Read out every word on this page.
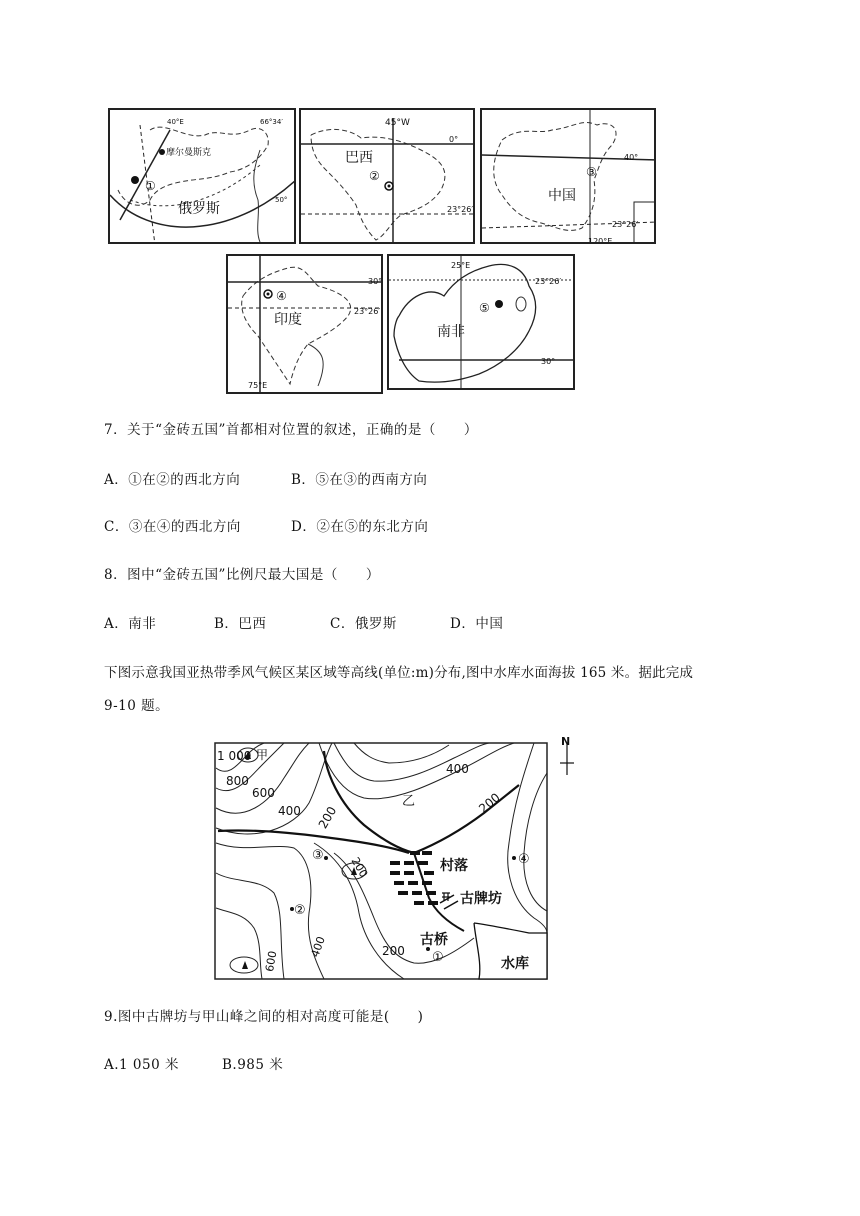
40°E	66°34′
摩尔曼斯克
①
俄罗斯
50°
45°W
0°
23°26′
巴西
②
40°
③
中国
23°26′
120°E
30°
④
23°26′
印度
75°E
25°E
23°26′
⑤
南非
30°
7．关于“金砖五国”首都相对位置的叙述，正确的是（　　）
A．①在②的西北方向	B．⑤在③的西南方向
C．③在④的西北方向	D．②在⑤的东北方向
8．图中“金砖五国”比例尺最大国是（　　）
A．南非	B．巴西	C．俄罗斯	D．中国
下图示意我国亚热带季风气候区某区域等高线(单位:m)分布,图中水库水面海拔 165 米。据此完成
9-10 题。
N
1 000 甲
800
600
400 200
400
200
200
400
600	200
乙
村落
古牌坊
古桥
水库
③
②
①
④
9.图中古牌坊与甲山峰之间的相对高度可能是(　　)
A.1 050 米	B.985 米
